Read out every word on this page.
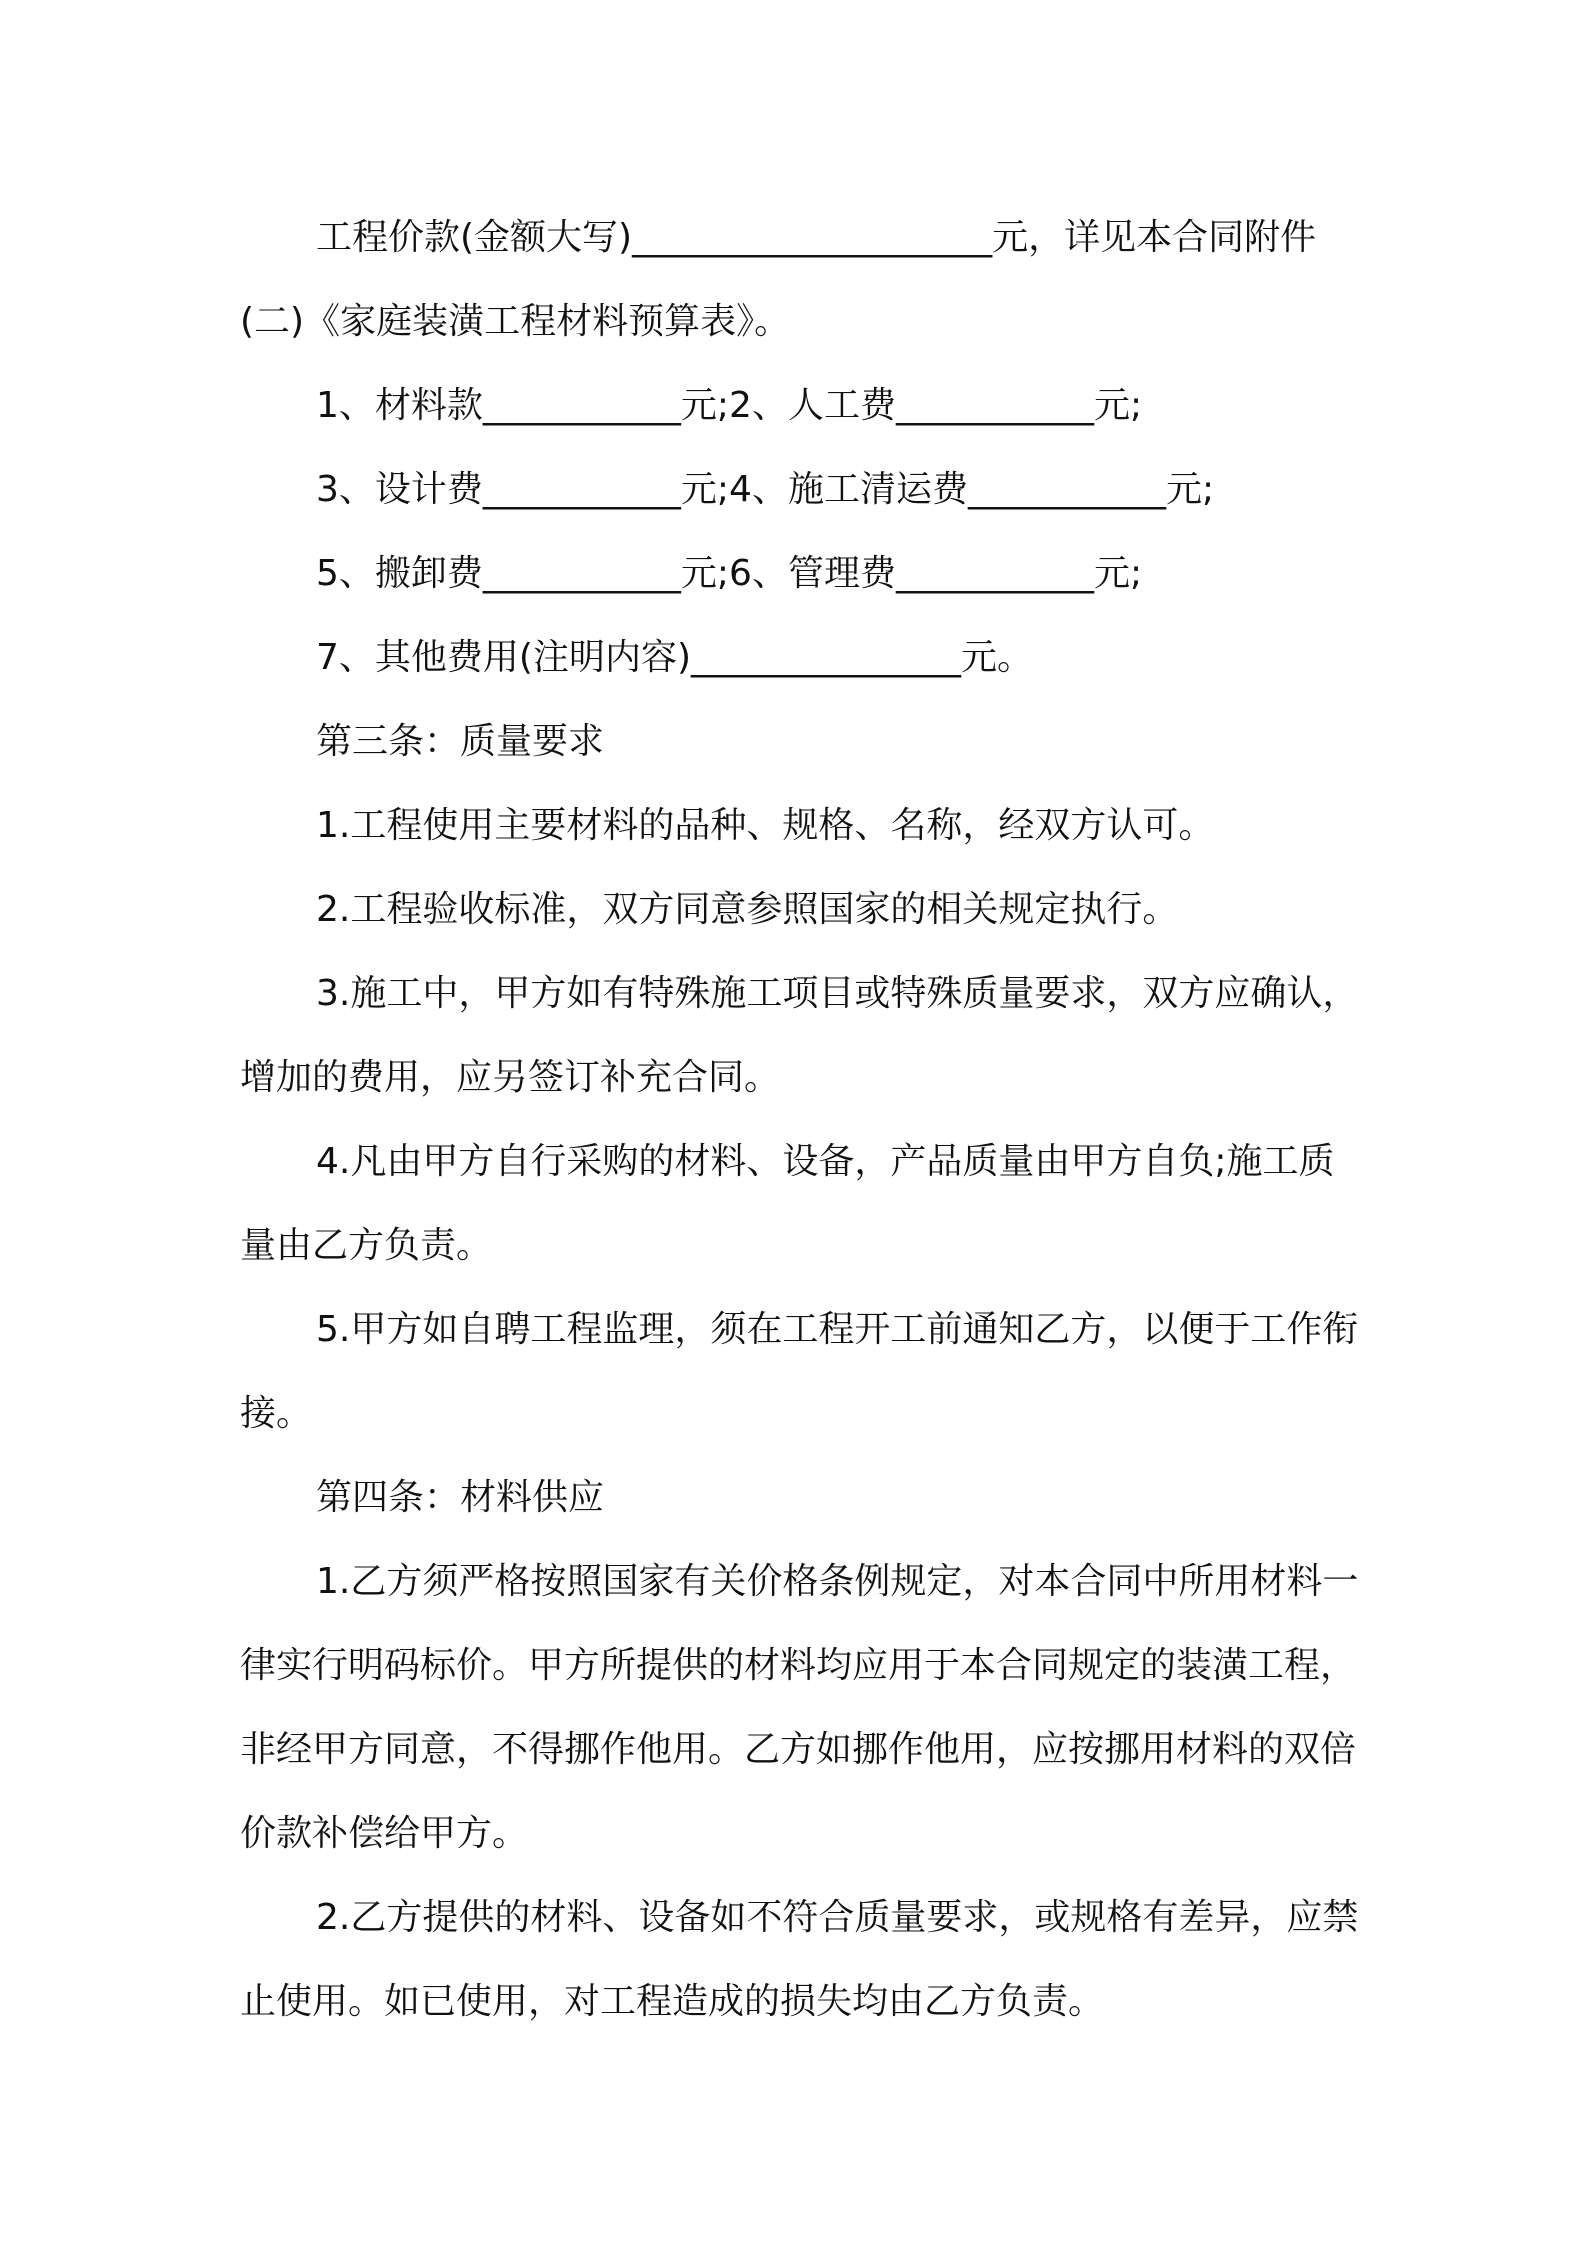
工程价款(金额大写)____________________元，详见本合同附件(二)《家庭装潢工程材料预算表》。

1、材料款___________元;2、人工费___________元;

3、设计费___________元;4、施工清运费___________元;

5、搬卸费___________元;6、管理费___________元;

7、其他费用(注明内容)_______________元。

第三条：质量要求

1.工程使用主要材料的品种、规格、名称，经双方认可。

2.工程验收标准，双方同意参照国家的相关规定执行。

3.施工中，甲方如有特殊施工项目或特殊质量要求，双方应确认，增加的费用，应另签订补充合同。

4.凡由甲方自行采购的材料、设备，产品质量由甲方自负;施工质量由乙方负责。

5.甲方如自聘工程监理，须在工程开工前通知乙方，以便于工作衔接。

第四条：材料供应

1.乙方须严格按照国家有关价格条例规定，对本合同中所用材料一律实行明码标价。甲方所提供的材料均应用于本合同规定的装潢工程，非经甲方同意，不得挪作他用。乙方如挪作他用，应按挪用材料的双倍价款补偿给甲方。

2.乙方提供的材料、设备如不符合质量要求，或规格有差异，应禁止使用。如已使用，对工程造成的损失均由乙方负责。
